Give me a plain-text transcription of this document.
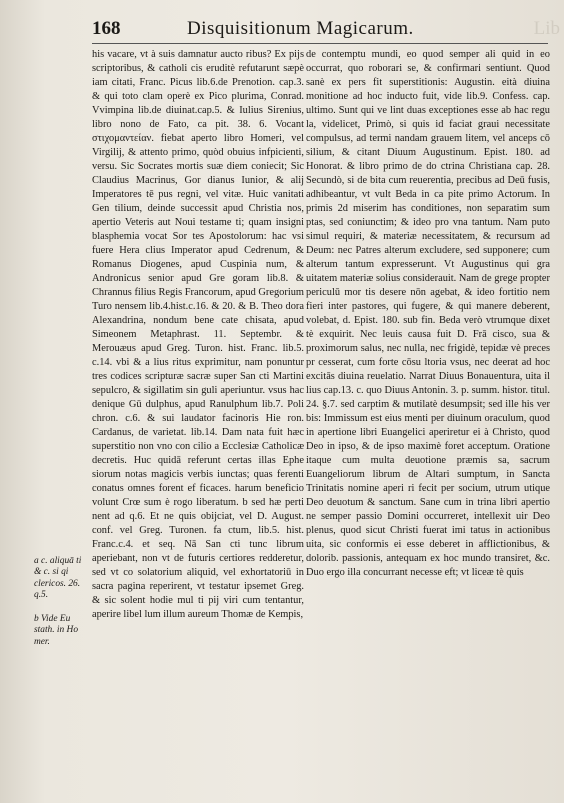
Lib
168	Disquisitionum Magicarum.
a c. aliquā ti & c. si qi clericos. 26. q.5.
b Vide Eu stath. in Ho mer.

his vacare, vt à suis damnatur aucto ribus? Ex pijs scriptoribus, & catholi cis eruditè refutarunt sæpè iam citati, Franc. Picus lib.6.de Prenotion. cap.3. & qui toto clam operè ex Pico plurima, Conrad. Vvimpina lib.de diuinat.cap.5. & Iulius Sirenius, libro nono de Fato, ca pit. 38. 6. Vocant στιχομαντείαν. fiebat aperto libro Homeri, vel Virgilij, & attento primo, quòd obuius infpicienti, versu. Sic Socrates mortis suæ diem coniecit; Sic Claudius Macrinus, Gor dianus Iunior, & alij Imperatores tē pus regni, vel vitæ. Huic vanitati Gen tilium, deinde successit apud Christia nos, apertio Veteris aut Noui testame ti; quam insigni blasphemia vocat Sor tes Apostolorum: hac vsi fuere Hera clius Imperator apud Cedrenum, & Romanus Diogenes, apud Cuspinia num, & Andronicus senior apud Gre goram lib.8. & Chrannus filius Regis Francorum, apud Gregorium Turo nensem lib.4.hist.c.16. & 20. & B. Theo dora Alexandrina, nondum bene cate chisata, apud Simeonem Metaphrast. 11. Septembr. & Merouæus apud Greg. Turon. hist. Franc. lib.5. c.14. vbi & a lius ritus exprimitur, nam ponuntur tres codices scripturæ sacræ super San cti Martini sepulcro, & sigillatim sin guli aperiuntur. vsus hac denique Gū dulphus, apud Ranulphum lib.7. Poli chron. c.6. & sui laudator facinoris Hie ron. Cardanus, de varietat. lib.14. Dam nata fuit hæc superstitio non vno con cilio a Ecclesiæ Catholicæ decretis. Huc quidā referunt certas illas Ephe siorum notas magicis verbis iunctas; quas ferenti conatus omnes forent ef ficaces. harum beneficio volunt Crœ sum è rogo liberatum. b sed hæ perti nent ad q.6. Et ne quis obijciat, vel D. August. conf. vel Greg. Turonen. fa ctum, lib.5. hist. Franc.c.4. et seq. Nā San cti tunc librum aperiebant, non vt de futuris certiores redderetur, sed vt co solatorium aliquid, vel exhortatoriū in sacra pagina reperirent, vt testatur ipsemet Greg. & sic solent hodie mul ti pij viri cum tentantur, aperire libel lum illum aureum Thomæ de Kempis,

de contemptu mundi, eo quod semper ali quid in eo occurrat, quo roborari se, & confirmari sentiunt. Quod sanè ex pers fit superstitionis: Augustin. eità diuina monitione ad hoc inducto fuit, vide lib.9. Confess. cap. ultimo. Sunt qui ve lint duas exceptiones esse ab hac regu la, videlicet, Primò, si quis id faciat graui necessitate compulsus, ad termi nandam grauem litem, vel anceps cō silium, & citant Diuum Augustinum. Epist. 180. ad Honorat. & libro primo de do ctrina Christiana cap. 28. Secundò, si de bita cum reuerentia, precibus ad Deū fusis, adhibeantur, vt vult Beda in ca pite primo Actorum. In primis 2d miserim has conditiones, non separatim sum ptas, sed coniunctim; & ideo pro vna tantum. Nam puto simul requiri, & materiæ necessitatem, & recursum ad Deum: nec Patres alterum excludere, sed supponere; cum alterum tantum expresserunt. Vt Augustinus qui gra uitatem materiæ solius considerauit. Nam de grege propter periculū mor tis desere nōn agebat, & ideo fortitio nem fieri inter pastores, qui fugere, & qui manere deberent, volebat, d. Epist. 180. sub fin. Beda verò vtrumque dixet tè exquirit. Nec leuis causa fuit D. Frā cisco, sua & proximorum salus, nec nulla, nec frigidè, tepidæ vè preces pr cesserat, cum forte cōsu ltoria vsus, nec deerat ad hoc excitās diuina reuelatio. Narrat Diuus Bonauentura, uita il lius cap.13. c. quo Diuus Antonin. 3. p. summ. histor. titul. 24. §.7. sed carptim & mutilatè desumpsit; sed ille his ver bis: Immissum est eius menti per diuinum oraculum, quod in apertione libri Euangelici aperiretur ei à Christo, quod Deo in ipso, & de ipso maximè foret acceptum. Oratione itaque cum multa deuotione præmis sa, sacrum Euangeliorum librum de Altari sumptum, in Sancta Trinitatis nomine aperi ri fecit per socium, utrum utique Deo deuotum & sanctum. Sane cum in trina libri apertio ne semper passio Domini occurreret, intellexit uir Deo plenus, quod sicut Christi fuerat imi tatus in actionibus uita, sic conformis ei esse deberet in afflictionibus, & dolorib. passionis, antequam ex hoc mundo transiret, &c. Duo ergo illa concurrant necesse eft; vt liceæ tè quis
